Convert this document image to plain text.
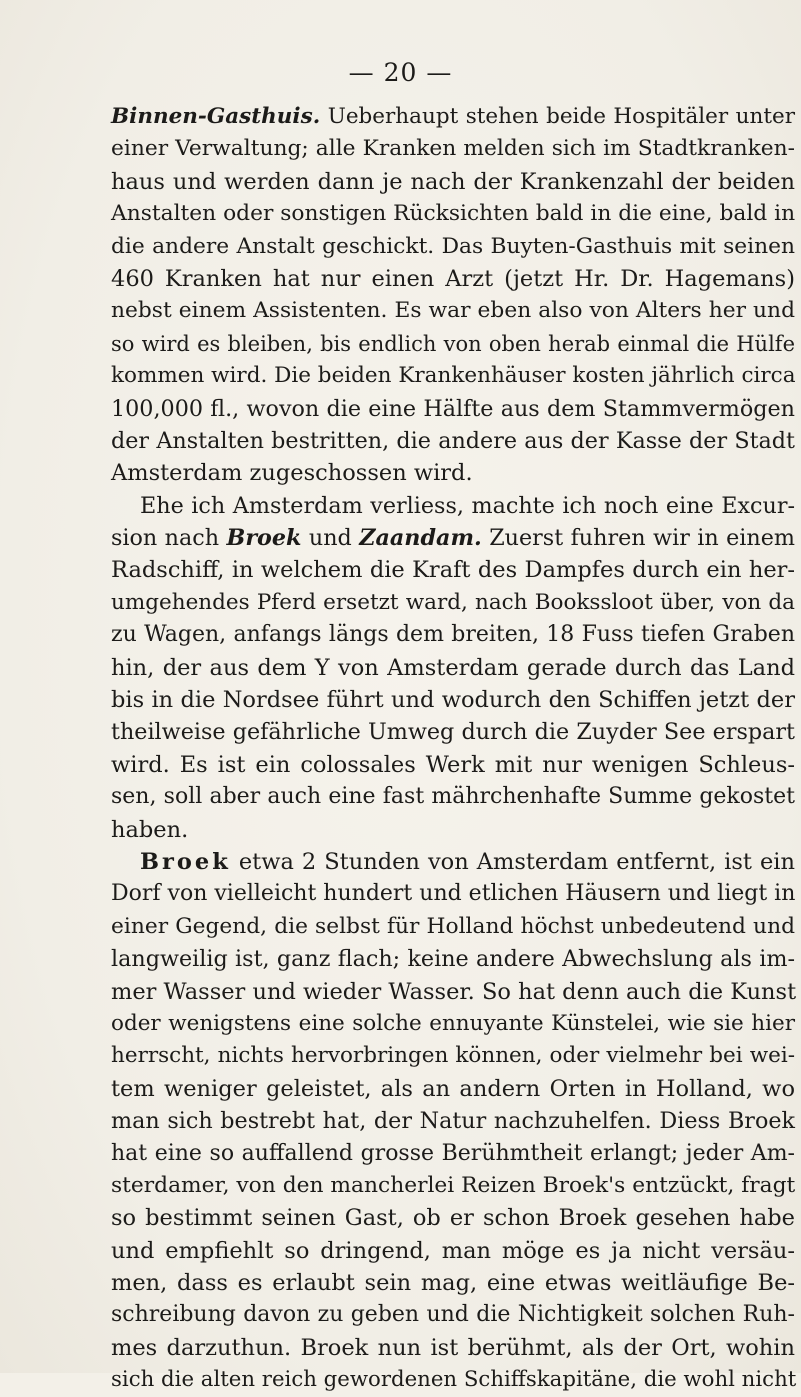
— 20 —
Binnen-Gasthuis. Ueberhaupt stehen beide Hospitäler unter
einer Verwaltung; alle Kranken melden sich im Stadtkranken-
haus und werden dann je nach der Krankenzahl der beiden
Anstalten oder sonstigen Rücksichten bald in die eine, bald in
die andere Anstalt geschickt. Das Buyten-Gasthuis mit seinen
460 Kranken hat nur einen Arzt (jetzt Hr. Dr. Hagemans)
nebst einem Assistenten. Es war eben also von Alters her und
so wird es bleiben, bis endlich von oben herab einmal die Hülfe
kommen wird. Die beiden Krankenhäuser kosten jährlich circa
100,000 fl., wovon die eine Hälfte aus dem Stammvermögen
der Anstalten bestritten, die andere aus der Kasse der Stadt
Amsterdam zugeschossen wird.
Ehe ich Amsterdam verliess, machte ich noch eine Excur-
sion nach Broek und Zaandam. Zuerst fuhren wir in einem
Radschiff, in welchem die Kraft des Dampfes durch ein her-
umgehendes Pferd ersetzt ward, nach Bookssloot über, von da
zu Wagen, anfangs längs dem breiten, 18 Fuss tiefen Graben
hin, der aus dem Y von Amsterdam gerade durch das Land
bis in die Nordsee führt und wodurch den Schiffen jetzt der
theilweise gefährliche Umweg durch die Zuyder See erspart
wird. Es ist ein colossales Werk mit nur wenigen Schleus-
sen, soll aber auch eine fast mährchenhafte Summe gekostet
haben.
Broek etwa 2 Stunden von Amsterdam entfernt, ist ein
Dorf von vielleicht hundert und etlichen Häusern und liegt in
einer Gegend, die selbst für Holland höchst unbedeutend und
langweilig ist, ganz flach; keine andere Abwechslung als im-
mer Wasser und wieder Wasser. So hat denn auch die Kunst
oder wenigstens eine solche ennuyante Künstelei, wie sie hier
herrscht, nichts hervorbringen können, oder vielmehr bei wei-
tem weniger geleistet, als an andern Orten in Holland, wo
man sich bestrebt hat, der Natur nachzuhelfen. Diess Broek
hat eine so auffallend grosse Berühmtheit erlangt; jeder Am-
sterdamer, von den mancherlei Reizen Broek's entzückt, fragt
so bestimmt seinen Gast, ob er schon Broek gesehen habe
und empfiehlt so dringend, man möge es ja nicht versäu-
men, dass es erlaubt sein mag, eine etwas weitläufige Be-
schreibung davon zu geben und die Nichtigkeit solchen Ruh-
mes darzuthun. Broek nun ist berühmt, als der Ort, wohin
sich die alten reich gewordenen Schiffskapitäne, die wohl nicht
